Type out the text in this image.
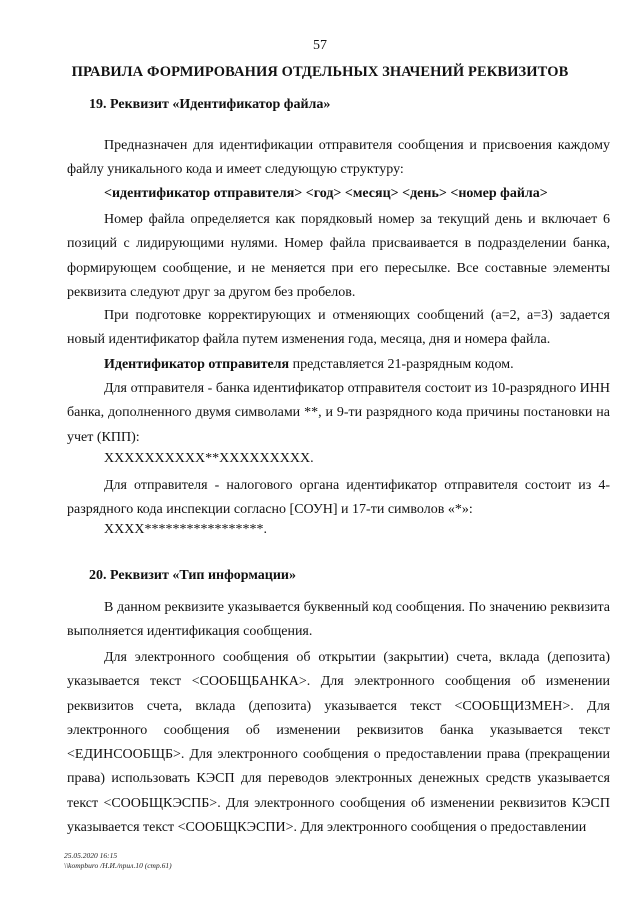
57
ПРАВИЛА ФОРМИРОВАНИЯ ОТДЕЛЬНЫХ ЗНАЧЕНИЙ РЕКВИЗИТОВ
19. Реквизит «Идентификатор файла»
Предназначен для идентификации отправителя сообщения и присвоения каждому файлу уникального кода и имеет следующую структуру:
<идентификатор отправителя> <год> <месяц> <день> <номер файла>
Номер файла определяется как порядковый номер за текущий день и включает 6 позиций с лидирующими нулями. Номер файла присваивается в подразделении банка, формирующем сообщение, и не меняется при его пересылке. Все составные элементы реквизита следуют друг за другом без пробелов.
При подготовке корректирующих и отменяющих сообщений (а=2, а=3) задается новый идентификатор файла путем изменения года, месяца, дня и номера файла.
Идентификатор отправителя представляется 21-разрядным кодом.
Для отправителя - банка идентификатор отправителя состоит из 10-разрядного ИНН банка, дополненного двумя символами **, и 9-ти разрядного кода причины постановки на учет (КПП):
XXXXXXXXXX**XXXXXXXXX.
Для отправителя - налогового органа идентификатор отправителя состоит из 4-разрядного кода инспекции согласно [СОУН] и 17-ти символов «*»:
XXXX*****************.
20. Реквизит «Тип информации»
В данном реквизите указывается буквенный код сообщения. По значению реквизита выполняется идентификация сообщения.
Для электронного сообщения об открытии (закрытии) счета, вклада (депозита) указывается текст <СООБЩБАНКА>. Для электронного сообщения об изменении реквизитов счета, вклада (депозита) указывается текст <СООБЩИЗМЕН>. Для электронного сообщения об изменении реквизитов банка указывается текст <ЕДИНСООБЩБ>. Для электронного сообщения о предоставлении права (прекращении права) использовать КЭСП для переводов электронных денежных средств указывается текст <СООБЩКЭСПБ>. Для электронного сообщения об изменении реквизитов КЭСП указывается текст <СООБЩКЭСПИ>. Для электронного сообщения о предоставлении
25.05.2020 16:15
\\kompburo /Н.И./прил.10 (стр.61)
